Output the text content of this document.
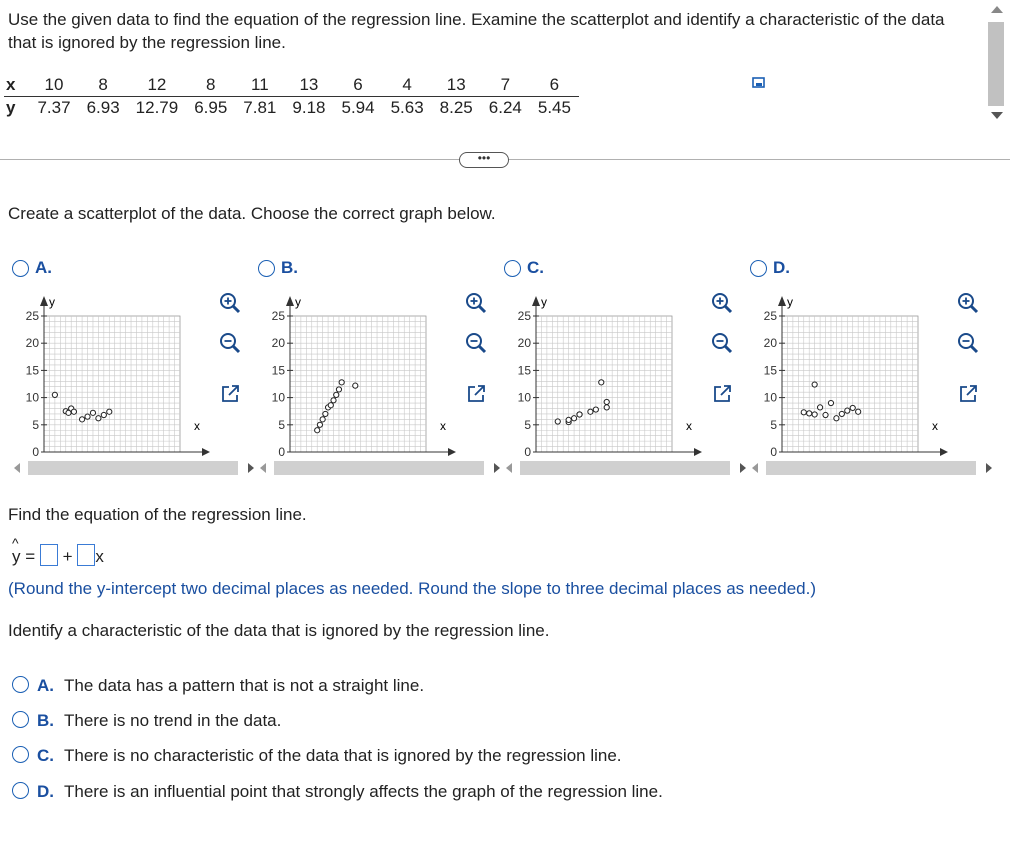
Use the given data to find the equation of the regression line. Examine the scatterplot and identify a characteristic of the data that is ignored by the regression line.
x	10	8	12	8	11	13	6	4	13	7	6
y	7.37	6.93	12.79	6.95	7.81	9.18	5.94	5.63	8.25	6.24	5.45
•••
Create a scatterplot of the data. Choose the correct graph below.
A.
y
x
25
20
15
10
5
0
B.
y
x
25
20
15
10
5
0
C.
y
x
25
20
15
10
5
0
D.
y
x
25
20
15
10
5
0
Find the equation of the regression line.
^
y = + x
(Round the y-intercept two decimal places as needed. Round the slope to three decimal places as needed.)
Identify a characteristic of the data that is ignored by the regression line.
A. The data has a pattern that is not a straight line.
B. There is no trend in the data.
C. There is no characteristic of the data that is ignored by the regression line.
D. There is an influential point that strongly affects the graph of the regression line.
